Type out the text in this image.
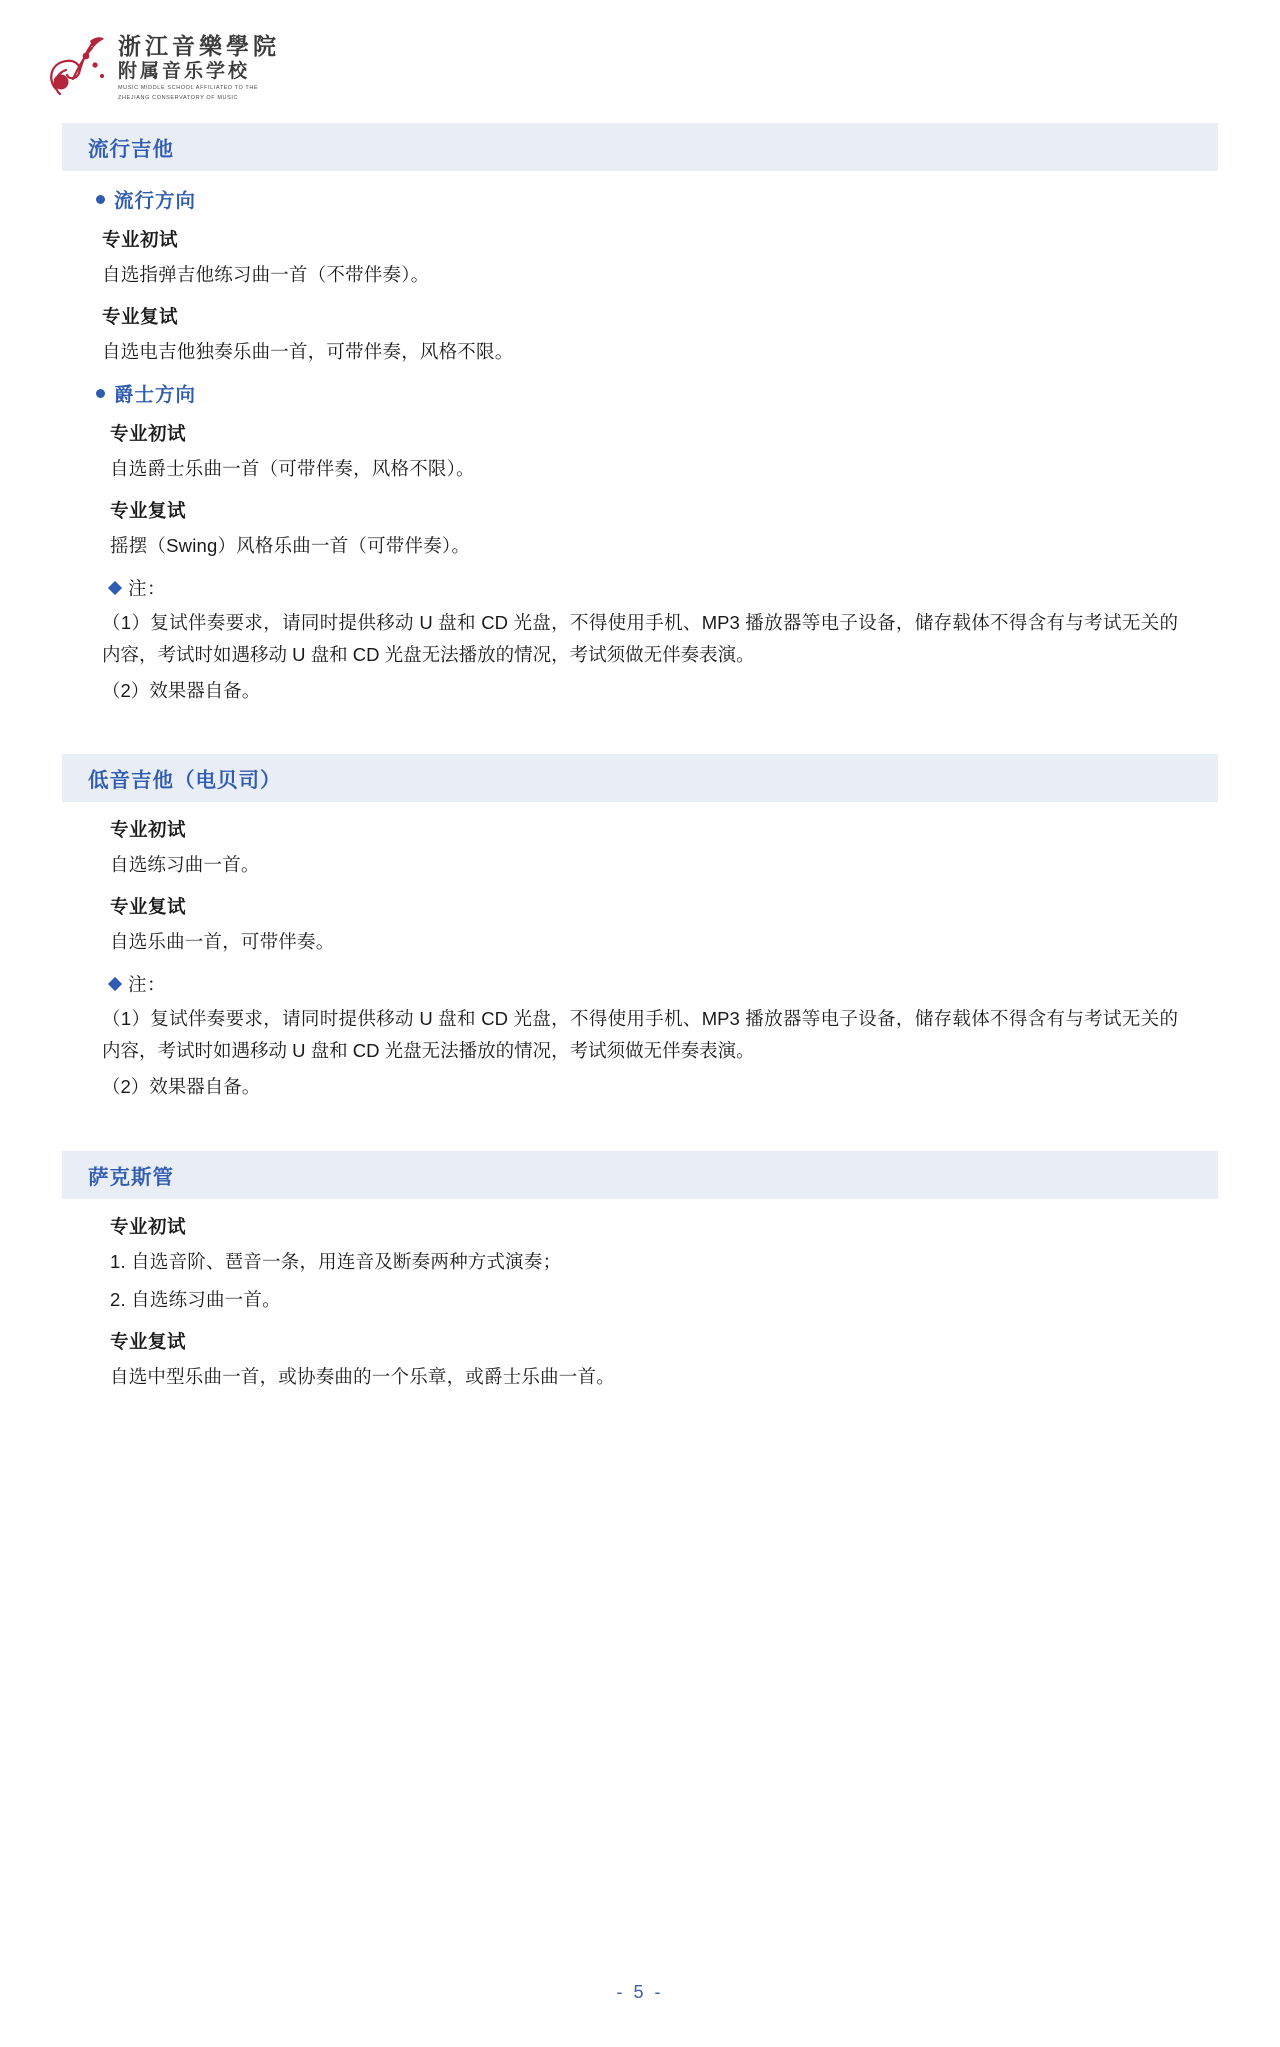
浙江音樂學院
附属音乐学校
MUSIC MIDDLE SCHOOL AFFILIATED TO THE
ZHEJIANG CONSERVATORY OF MUSIC
流行吉他
流行方向
专业初试
自选指弹吉他练习曲一首（不带伴奏）。
专业复试
自选电吉他独奏乐曲一首，可带伴奏，风格不限。
爵士方向
专业初试
自选爵士乐曲一首（可带伴奏，风格不限）。
专业复试
摇摆（Swing）风格乐曲一首（可带伴奏）。
注：
（1）复试伴奏要求，请同时提供移动 U 盘和 CD 光盘，不得使用手机、MP3 播放器等电子设备，储存载体不得含有与考试无关的内容，考试时如遇移动 U 盘和 CD 光盘无法播放的情况，考试须做无伴奏表演。
（2）效果器自备。
低音吉他（电贝司）
专业初试
自选练习曲一首。
专业复试
自选乐曲一首，可带伴奏。
注：
（1）复试伴奏要求，请同时提供移动 U 盘和 CD 光盘，不得使用手机、MP3 播放器等电子设备，储存载体不得含有与考试无关的内容，考试时如遇移动 U 盘和 CD 光盘无法播放的情况，考试须做无伴奏表演。
（2）效果器自备。
萨克斯管
专业初试
1. 自选音阶、琶音一条，用连音及断奏两种方式演奏；
2. 自选练习曲一首。
专业复试
自选中型乐曲一首，或协奏曲的一个乐章，或爵士乐曲一首。
- 5 -
